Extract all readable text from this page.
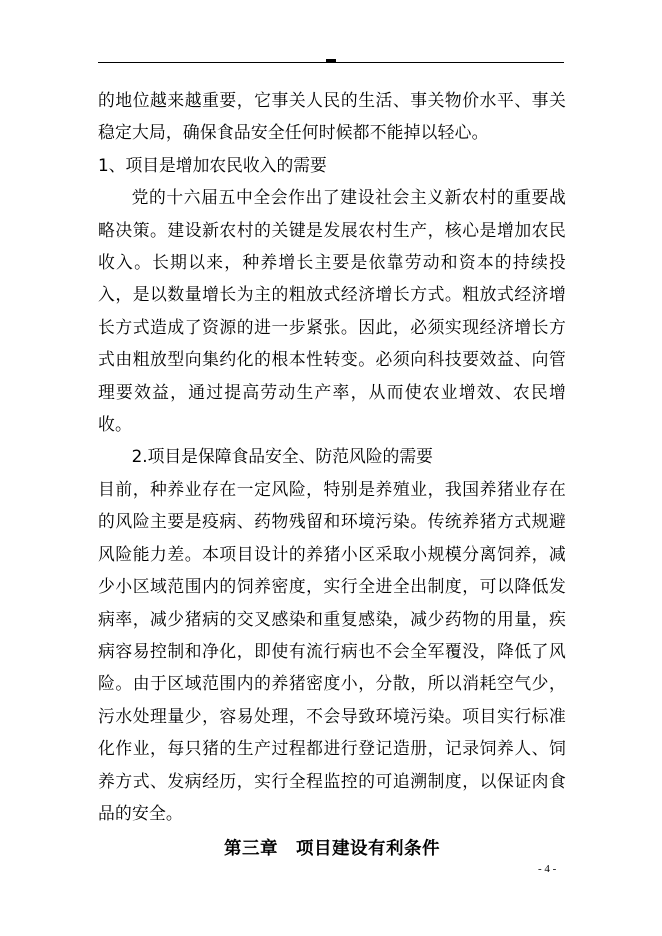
的地位越来越重要，它事关人民的生活、事关物价水平、事关稳定大局，确保食品安全任何时候都不能掉以轻心。

1、项目是增加农民收入的需要

党的十六届五中全会作出了建设社会主义新农村的重要战略决策。建设新农村的关键是发展农村生产，核心是增加农民收入。长期以来，种养增长主要是依靠劳动和资本的持续投入，是以数量增长为主的粗放式经济增长方式。粗放式经济增长方式造成了资源的进一步紧张。因此，必须实现经济增长方式由粗放型向集约化的根本性转变。必须向科技要效益、向管理要效益，通过提高劳动生产率，从而使农业增效、农民增收。

2.项目是保障食品安全、防范风险的需要

目前，种养业存在一定风险，特别是养殖业，我国养猪业存在的风险主要是疫病、药物残留和环境污染。传统养猪方式规避风险能力差。本项目设计的养猪小区采取小规模分离饲养，减少小区域范围内的饲养密度，实行全进全出制度，可以降低发病率，减少猪病的交叉感染和重复感染，减少药物的用量，疾病容易控制和净化，即使有流行病也不会全军覆没，降低了风险。由于区域范围内的养猪密度小，分散，所以消耗空气少，污水处理量少，容易处理，不会导致环境污染。项目实行标准化作业，每只猪的生产过程都进行登记造册，记录饲养人、饲养方式、发病经历，实行全程监控的可追溯制度，以保证肉食品的安全。

第三章　项目建设有利条件
- 4 -
